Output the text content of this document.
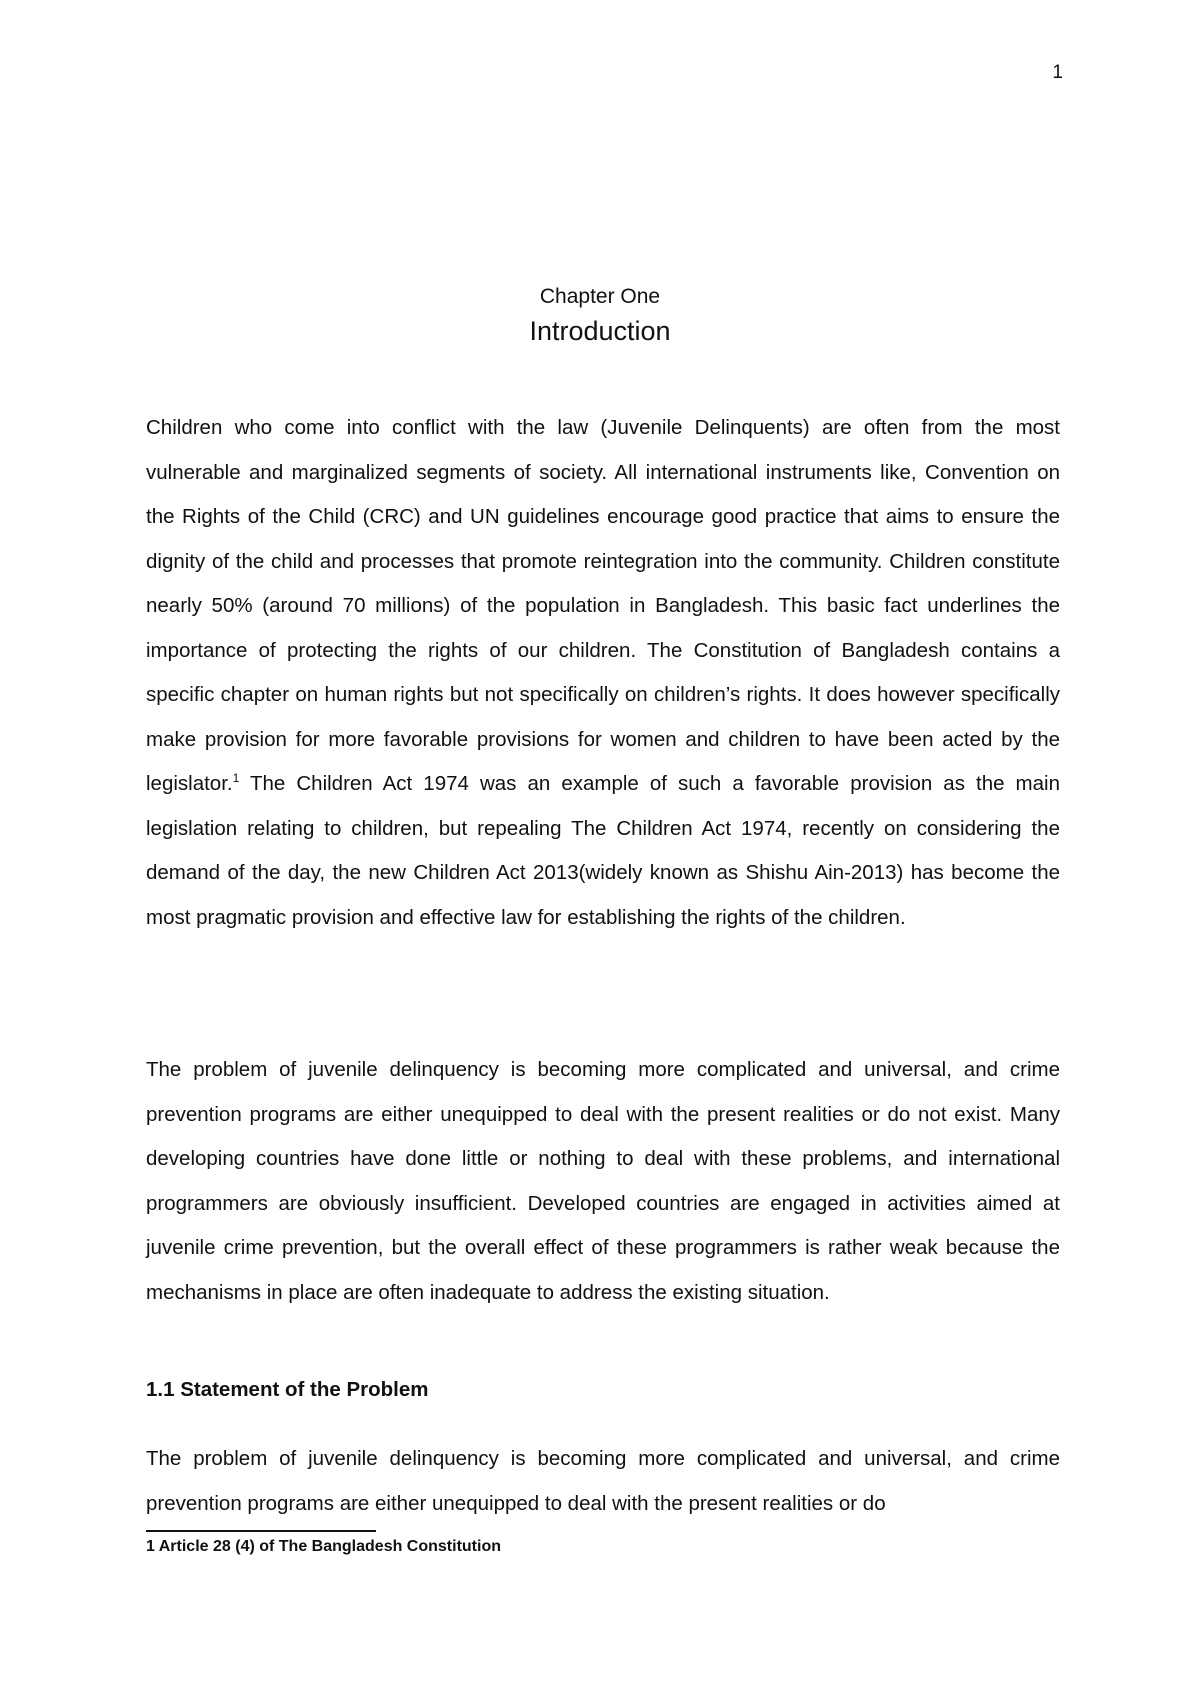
1
Chapter One
Introduction

Children who come into conflict with the law (Juvenile Delinquents) are often from the most vulnerable and marginalized segments of society. All international instruments like, Convention on the Rights of the Child (CRC) and UN guidelines encourage good practice that aims to ensure the dignity of the child and processes that promote reintegration into the community. Children constitute nearly 50% (around 70 millions) of the population in Bangladesh. This basic fact underlines the importance of protecting the rights of our children. The Constitution of Bangladesh contains a specific chapter on human rights but not specifically on children’s rights. It does however specifically make provision for more favorable provisions for women and children to have been acted by the legislator.$^1$ The Children Act 1974 was an example of such a favorable provision as the main legislation relating to children, but repealing The Children Act 1974, recently on considering the demand of the day, the new Children Act 2013(widely known as Shishu Ain-2013) has become the most pragmatic provision and effective law for establishing the rights of the children.

The problem of juvenile delinquency is becoming more complicated and universal, and crime prevention programs are either unequipped to deal with the present realities or do not exist. Many developing countries have done little or nothing to deal with these problems, and international programmers are obviously insufficient. Developed countries are engaged in activities aimed at juvenile crime prevention, but the overall effect of these programmers is rather weak because the mechanisms in place are often inadequate to address the existing situation.

1.1 Statement of the Problem

The problem of juvenile delinquency is becoming more complicated and universal, and crime prevention programs are either unequipped to deal with the present realities or do

1 Article 28 (4) of The Bangladesh Constitution
